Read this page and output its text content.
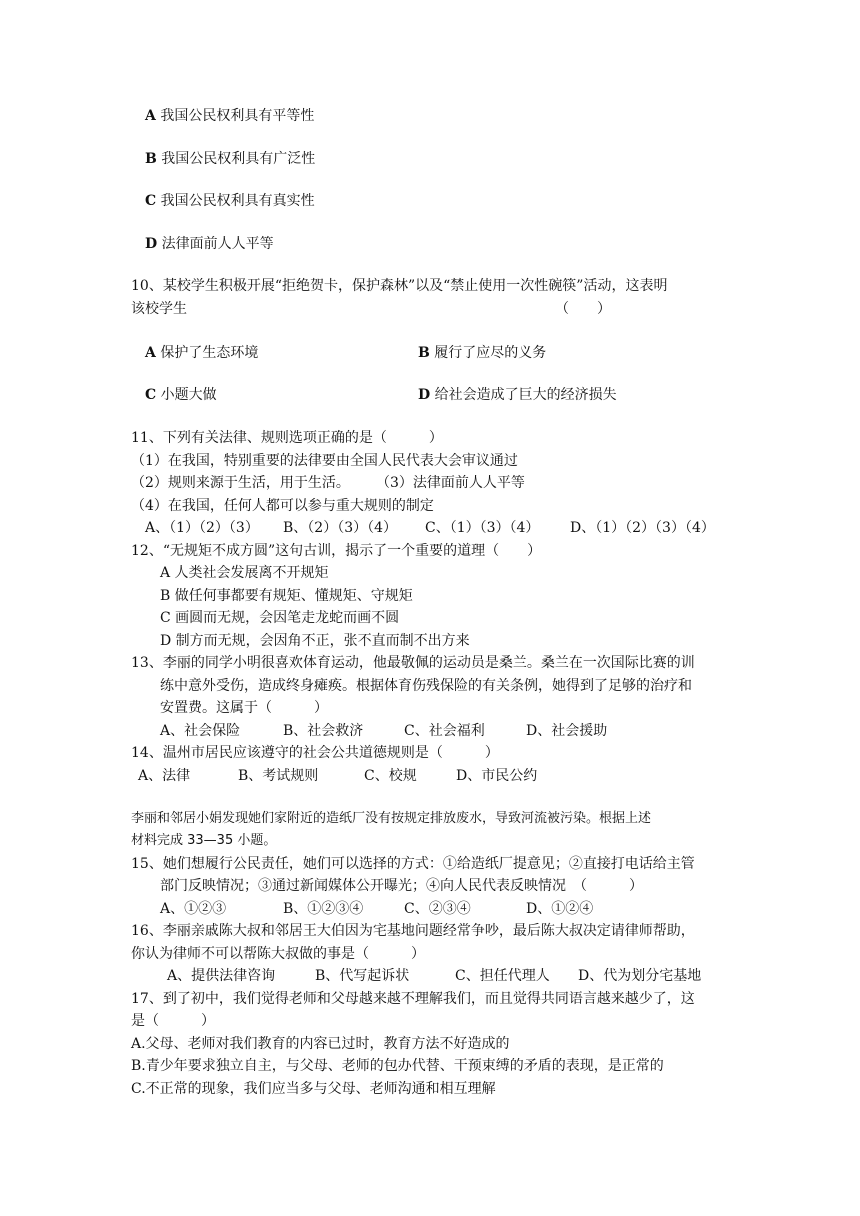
A 我国公民权利具有平等性
B 我国公民权利具有广泛性
C 我国公民权利具有真实性
D 法律面前人人平等
10、某校学生积极开展“拒绝贺卡，保护森林”以及“禁止使用一次性碗筷”活动，这表明
该校学生	（　　）
A 保护了生态环境	B 履行了应尽的义务
C 小题大做	D 给社会造成了巨大的经济损失
11、下列有关法律、规则选项正确的是（　　　）
（1）在我国，特别重要的法律要由全国人民代表大会审议通过
（2）规则来源于生活，用于生活。 （3）法律面前人人平等
（4）在我国，任何人都可以参与重大规则的制定
A、（1）（2）（3） B、（2）（3）（4） C、（1）（3）（4） D、（1）（2）（3）（4）
12、“无规矩不成方圆”这句古训，揭示了一个重要的道理（　　）
A 人类社会发展离不开规矩
B 做任何事都要有规矩、懂规矩、守规矩
C 画圆而无规，会因笔走龙蛇而画不圆
D 制方而无规，会因角不正，张不直而制不出方来
13、李丽的同学小明很喜欢体育运动，他最敬佩的运动员是桑兰。桑兰在一次国际比赛的训
练中意外受伤，造成终身瘫痪。根据体育伤残保险的有关条例，她得到了足够的治疗和
安置费。这属于（　　　）
A、社会保险	B、社会救济	C、社会福利	D、社会援助
14、温州市居民应该遵守的社会公共道德规则是（　　　）
A、法律	B、考试规则	C、校规	D、市民公约
李丽和邻居小娟发现她们家附近的造纸厂没有按规定排放废水，导致河流被污染。根据上述
材料完成 33—35 小题。
15、她们想履行公民责任，她们可以选择的方式：①给造纸厂提意见；②直接打电话给主管
部门反映情况；③通过新闻媒体公开曝光；④向人民代表反映情况　（　　　）
A、①②③	B、①②③④	C、②③④	D、①②④
16、李丽亲戚陈大叔和邻居王大伯因为宅基地问题经常争吵，最后陈大叔决定请律师帮助，
你认为律师不可以帮陈大叔做的事是（　　　）
A、提供法律咨询	B、代写起诉状	C、担任代理人 D、代为划分宅基地
17、到了初中，我们觉得老师和父母越来越不理解我们，而且觉得共同语言越来越少了，这
是（　　　）
A.父母、老师对我们教育的内容已过时，教育方法不好造成的
B.青少年要求独立自主，与父母、老师的包办代替、干预束缚的矛盾的表现，是正常的
C.不正常的现象，我们应当多与父母、老师沟通和相互理解
